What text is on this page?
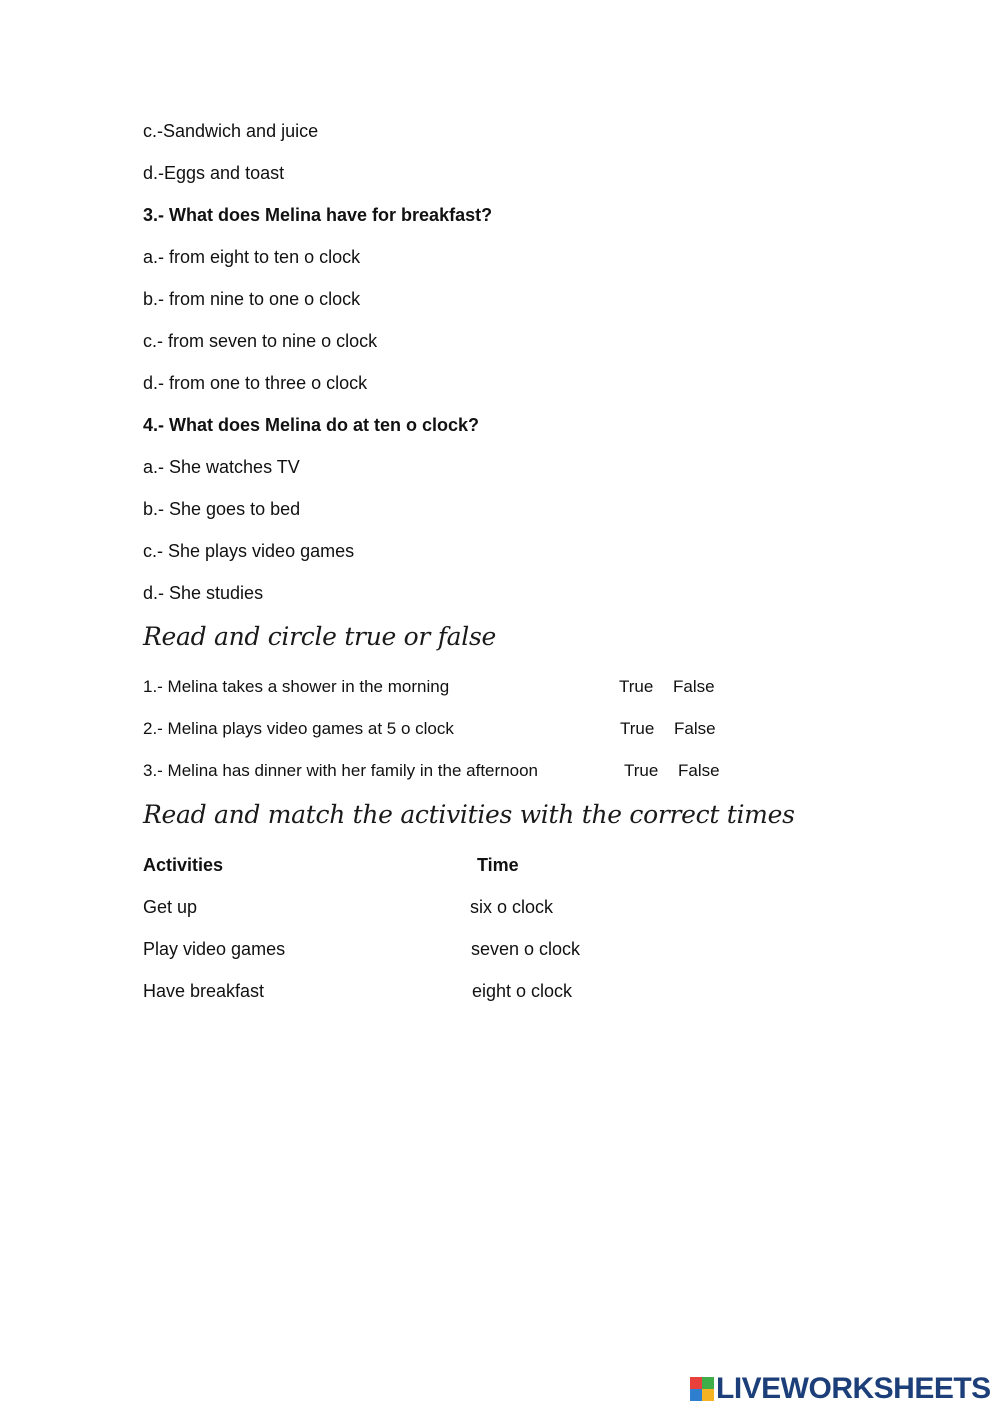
c.-Sandwich and juice
d.-Eggs and toast
3.- What does Melina have for breakfast?
a.- from eight to ten o clock
b.- from nine to one o clock
c.- from seven to nine o clock
d.- from one to three o clock
4.- What does Melina do at ten o clock?
a.- She watches TV
b.- She goes to bed
c.- She plays video games
d.- She studies
Read and circle true or false
1.- Melina takes a shower in the morning	True False
2.- Melina plays video games at 5 o clock	True False
3.- Melina has dinner with her family in the afternoon	True False
Read and match the activities with the correct times
Activities	Time
Get up	six o clock
Play video games	seven o clock
Have breakfast	eight o clock
LIVEWORKSHEETS
